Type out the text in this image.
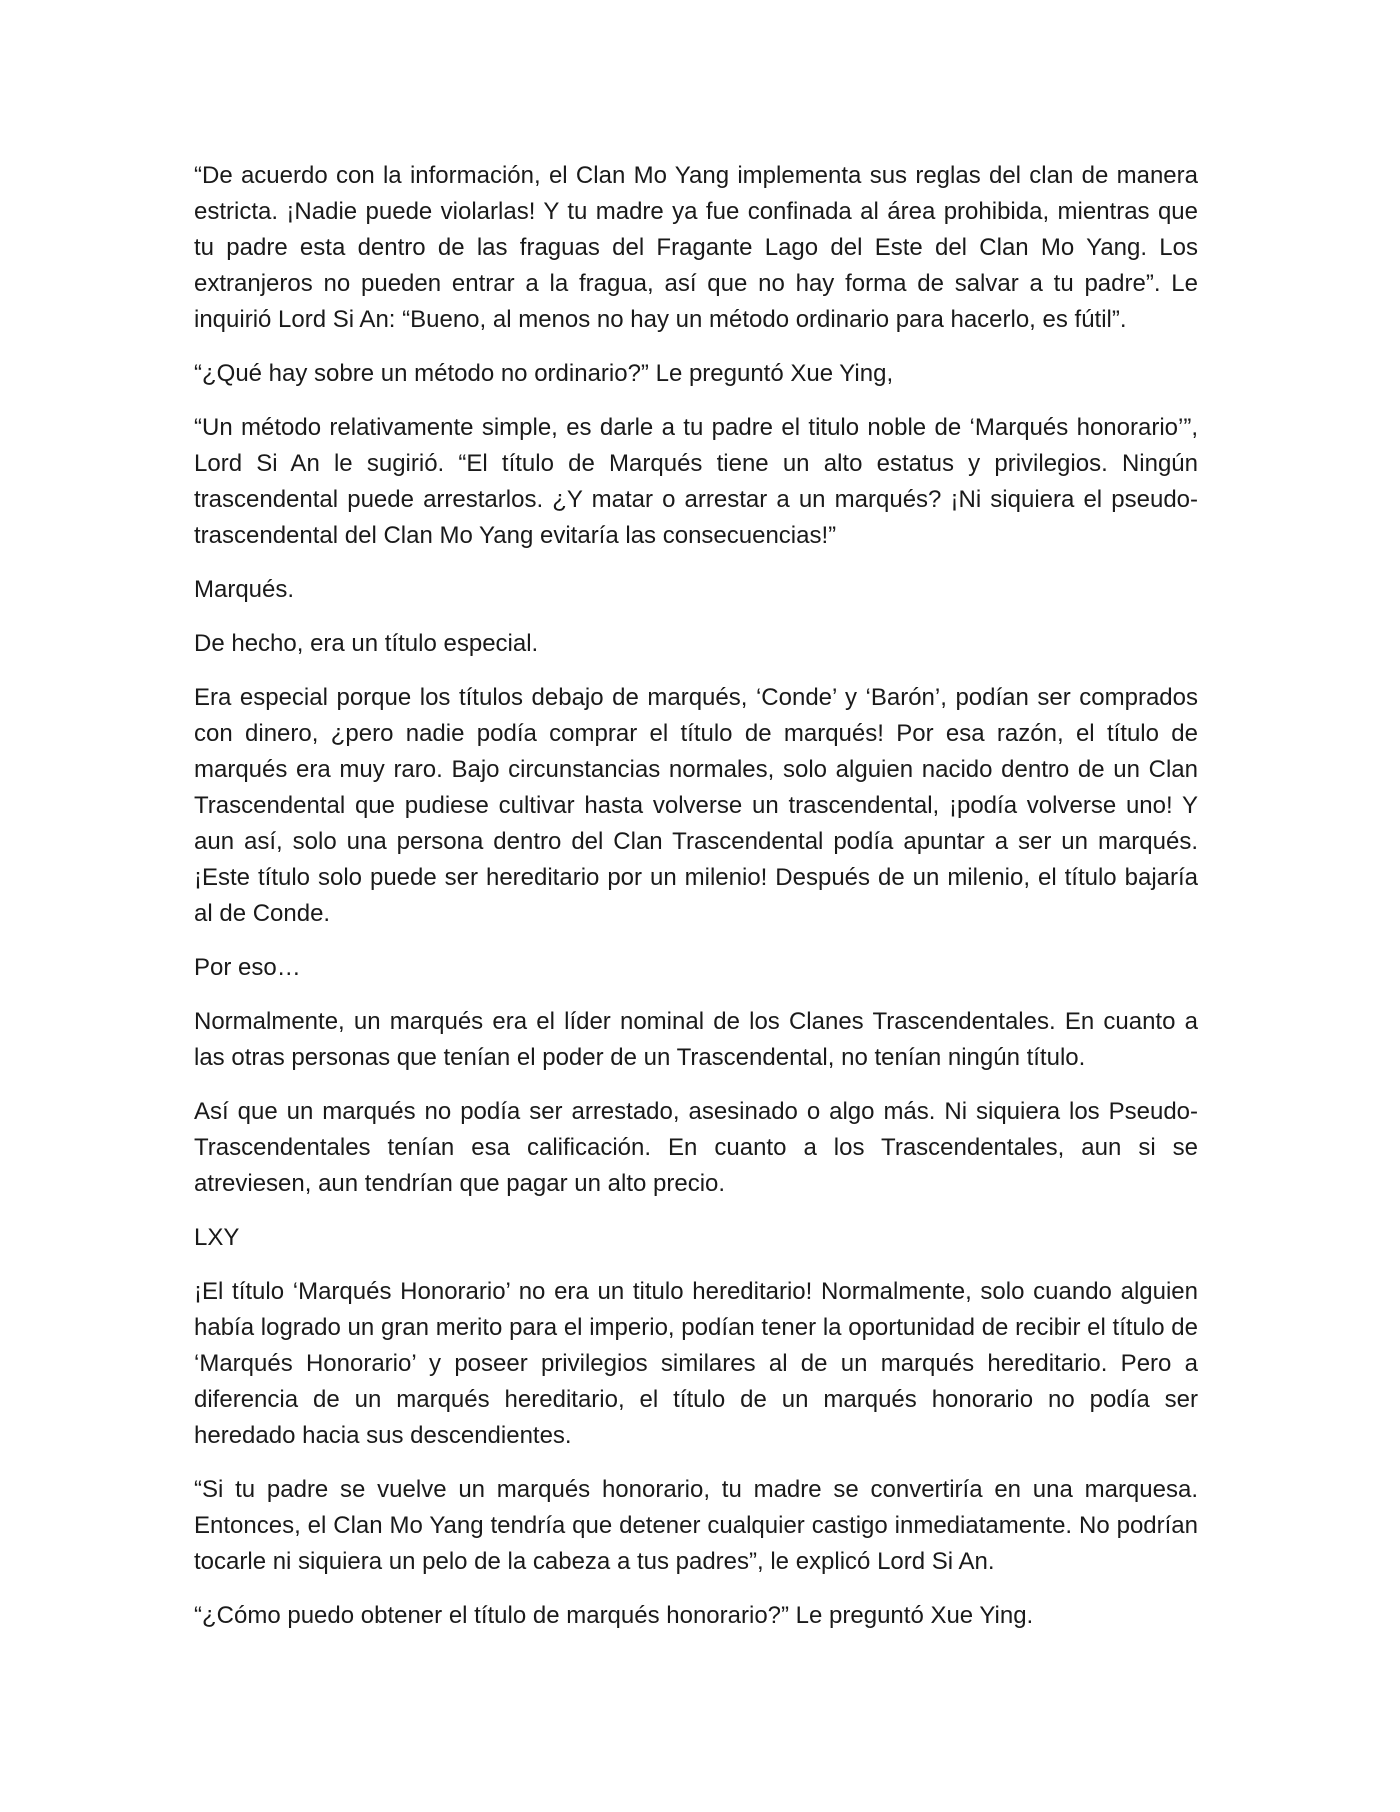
“De acuerdo con la información, el Clan Mo Yang implementa sus reglas del clan de manera estricta. ¡Nadie puede violarlas! Y tu madre ya fue confinada al área prohibida, mientras que tu padre esta dentro de las fraguas del Fragante Lago del Este del Clan Mo Yang. Los extranjeros no pueden entrar a la fragua, así que no hay forma de salvar a tu padre”. Le inquirió Lord Si An: “Bueno, al menos no hay un método ordinario para hacerlo, es fútil”.

“¿Qué hay sobre un método no ordinario?” Le preguntó Xue Ying,

“Un método relativamente simple, es darle a tu padre el titulo noble de ‘Marqués honorario’”, Lord Si An le sugirió. “El título de Marqués tiene un alto estatus y privilegios. Ningún trascendental puede arrestarlos. ¿Y matar o arrestar a un marqués? ¡Ni siquiera el pseudo-trascendental del Clan Mo Yang evitaría las consecuencias!”

Marqués.

De hecho, era un título especial.

Era especial porque los títulos debajo de marqués, ‘Conde’ y ‘Barón’, podían ser comprados con dinero, ¿pero nadie podía comprar el título de marqués! Por esa razón, el título de marqués era muy raro. Bajo circunstancias normales, solo alguien nacido dentro de un Clan Trascendental que pudiese cultivar hasta volverse un trascendental, ¡podía volverse uno! Y aun así, solo una persona dentro del Clan Trascendental podía apuntar a ser un marqués. ¡Este título solo puede ser hereditario por un milenio! Después de un milenio, el título bajaría al de Conde.

Por eso…

Normalmente, un marqués era el líder nominal de los Clanes Trascendentales. En cuanto a las otras personas que tenían el poder de un Trascendental, no tenían ningún título.

Así que un marqués no podía ser arrestado, asesinado o algo más. Ni siquiera los Pseudo-Trascendentales tenían esa calificación. En cuanto a los Trascendentales, aun si se atreviesen, aun tendrían que pagar un alto precio.

LXY

¡El título ‘Marqués Honorario’ no era un titulo hereditario! Normalmente, solo cuando alguien había logrado un gran merito para el imperio, podían tener la oportunidad de recibir el título de ‘Marqués Honorario’ y poseer privilegios similares al de un marqués hereditario. Pero a diferencia de un marqués hereditario, el título de un marqués honorario no podía ser heredado hacia sus descendientes.

“Si tu padre se vuelve un marqués honorario, tu madre se convertiría en una marquesa. Entonces, el Clan Mo Yang tendría que detener cualquier castigo inmediatamente. No podrían tocarle ni siquiera un pelo de la cabeza a tus padres”, le explicó Lord Si An.

“¿Cómo puedo obtener el título de marqués honorario?” Le preguntó Xue Ying.
